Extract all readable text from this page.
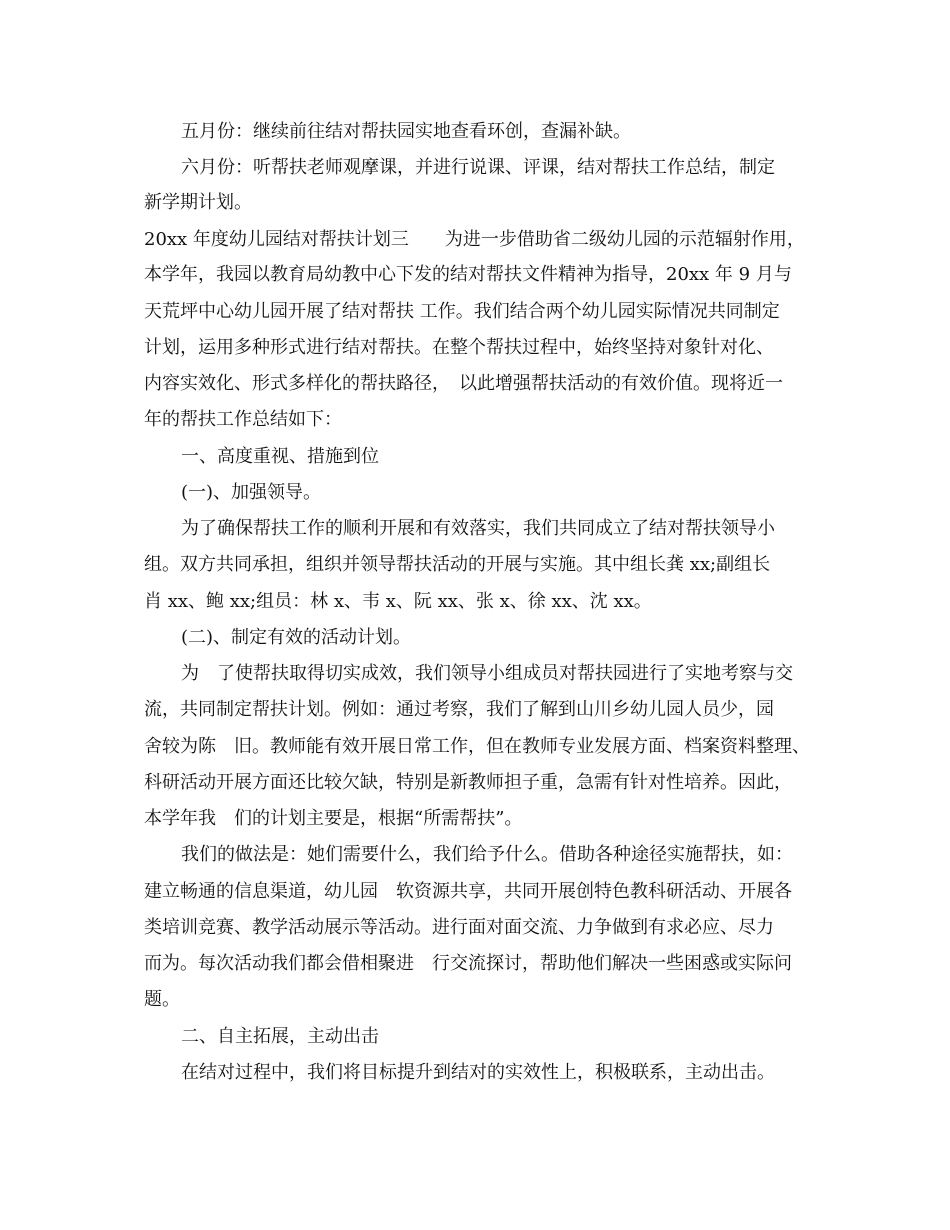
五月份：继续前往结对帮扶园实地查看环创，查漏补缺。
六月份：听帮扶老师观摩课，并进行说课、评课，结对帮扶工作总结，制定
新学期计划。
20xx 年度幼儿园结对帮扶计划三　　为进一步借助省二级幼儿园的示范辐射作用，
本学年，我园以教育局幼教中心下发的结对帮扶文件精神为指导，20xx 年 9 月与
天荒坪中心幼儿园开展了结对帮扶 工作。我们结合两个幼儿园实际情况共同制定
计划，运用多种形式进行结对帮扶。在整个帮扶过程中，始终坚持对象针对化、
内容实效化、形式多样化的帮扶路径，　以此增强帮扶活动的有效价值。现将近一
年的帮扶工作总结如下：
一、高度重视、措施到位
(一)、加强领导。
为了确保帮扶工作的顺利开展和有效落实，我们共同成立了结对帮扶领导小
组。双方共同承担，组织并领导帮扶活动的开展与实施。其中组长龚 xx;副组长
肖 xx、鲍 xx;组员：林 x、韦 x、阮 xx、张 x、徐 xx、沈 xx。
(二)、制定有效的活动计划。
为　了使帮扶取得切实成效，我们领导小组成员对帮扶园进行了实地考察与交
流，共同制定帮扶计划。例如：通过考察，我们了解到山川乡幼儿园人员少，园
舍较为陈　旧。教师能有效开展日常工作，但在教师专业发展方面、档案资料整理、
科研活动开展方面还比较欠缺，特别是新教师担子重，急需有针对性培养。因此，
本学年我　们的计划主要是，根据“所需帮扶”。
我们的做法是：她们需要什么，我们给予什么。借助各种途径实施帮扶，如：
建立畅通的信息渠道，幼儿园　软资源共享，共同开展创特色教科研活动、开展各
类培训竞赛、教学活动展示等活动。进行面对面交流、力争做到有求必应、尽力
而为。每次活动我们都会借相聚进　行交流探讨，帮助他们解决一些困惑或实际问
题。
二、自主拓展，主动出击
在结对过程中，我们将目标提升到结对的实效性上，积极联系，主动出击。
